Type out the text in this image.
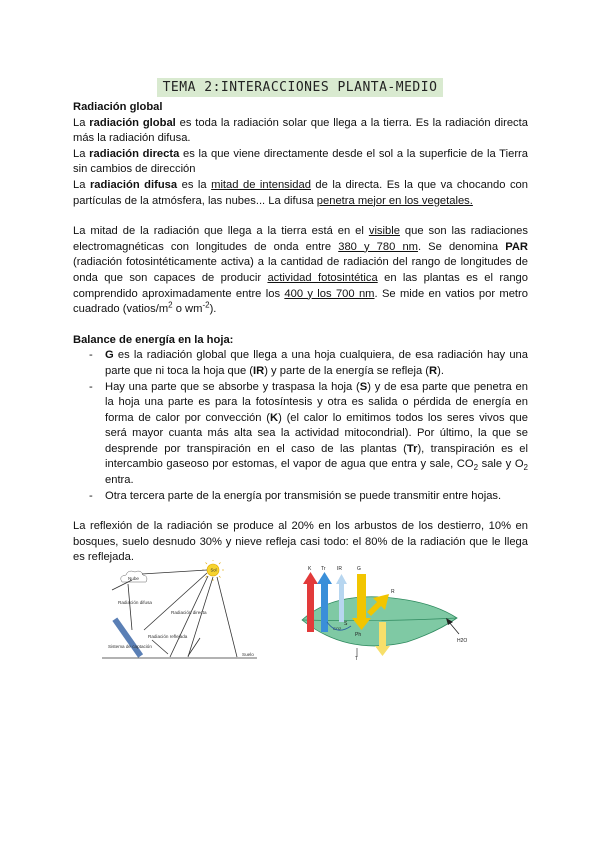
TEMA 2:INTERACCIONES PLANTA-MEDIO

Radiación global

La radiación global es toda la radiación solar que llega a la tierra. Es la radiación directa más la radiación difusa.

La radiación directa es la que viene directamente desde el sol a la superficie de la Tierra sin cambios de dirección

La radiación difusa es la mitad de intensidad de la directa. Es la que va chocando con partículas de la atmósfera, las nubes... La difusa penetra mejor en los vegetales.

La mitad de la radiación que llega a la tierra está en el visible que son las radiaciones electromagnéticas con longitudes de onda entre 380 y 780 nm. Se denomina PAR (radiación fotosintéticamente activa) a la cantidad de radiación del rango de longitudes de onda que son capaces de producir actividad fotosintética en las plantas es el rango comprendido aproximadamente entre los 400 y los 700 nm. Se mide en vatios por metro cuadrado ($vatios/m^2$ o $wm^{-2}$).

Balance de energía en la hoja:

- G es la radiación global que llega a una hoja cualquiera, de esa radiación hay una parte que ni toca la hoja que (IR) y parte de la energía se refleja (R).
- Hay una parte que se absorbe y traspasa la hoja (S) y de esa parte que penetra en la hoja una parte es para la fotosíntesis y otra es salida o pérdida de energía en forma de calor por convección (K) (el calor lo emitimos todos los seres vivos que será mayor cuanta más alta sea la actividad mitocondrial). Por último, la que se desprende por transpiración en el caso de las plantas (Tr), transpiración es el intercambio gaseoso por estomas, el vapor de agua que entra y sale, $CO_2$ sale y $O_2$ entra.
- Otra tercera parte de la energía por transmisión se puede transmitir entre hojas.

La reflexión de la radiación se produce al 20% en los arbustos de los destierro, 10% en bosques, suelo desnudo 30% y nieve refleja casi todo: el 80% de la radiación que le llega es reflejada.

Sol
Nube
Radiación difusa
Radiación directa
Radiación reflejada
Sistema de captación
Suelo
K Tr IR	G
R
S
Ph
CO2
H2O
T
